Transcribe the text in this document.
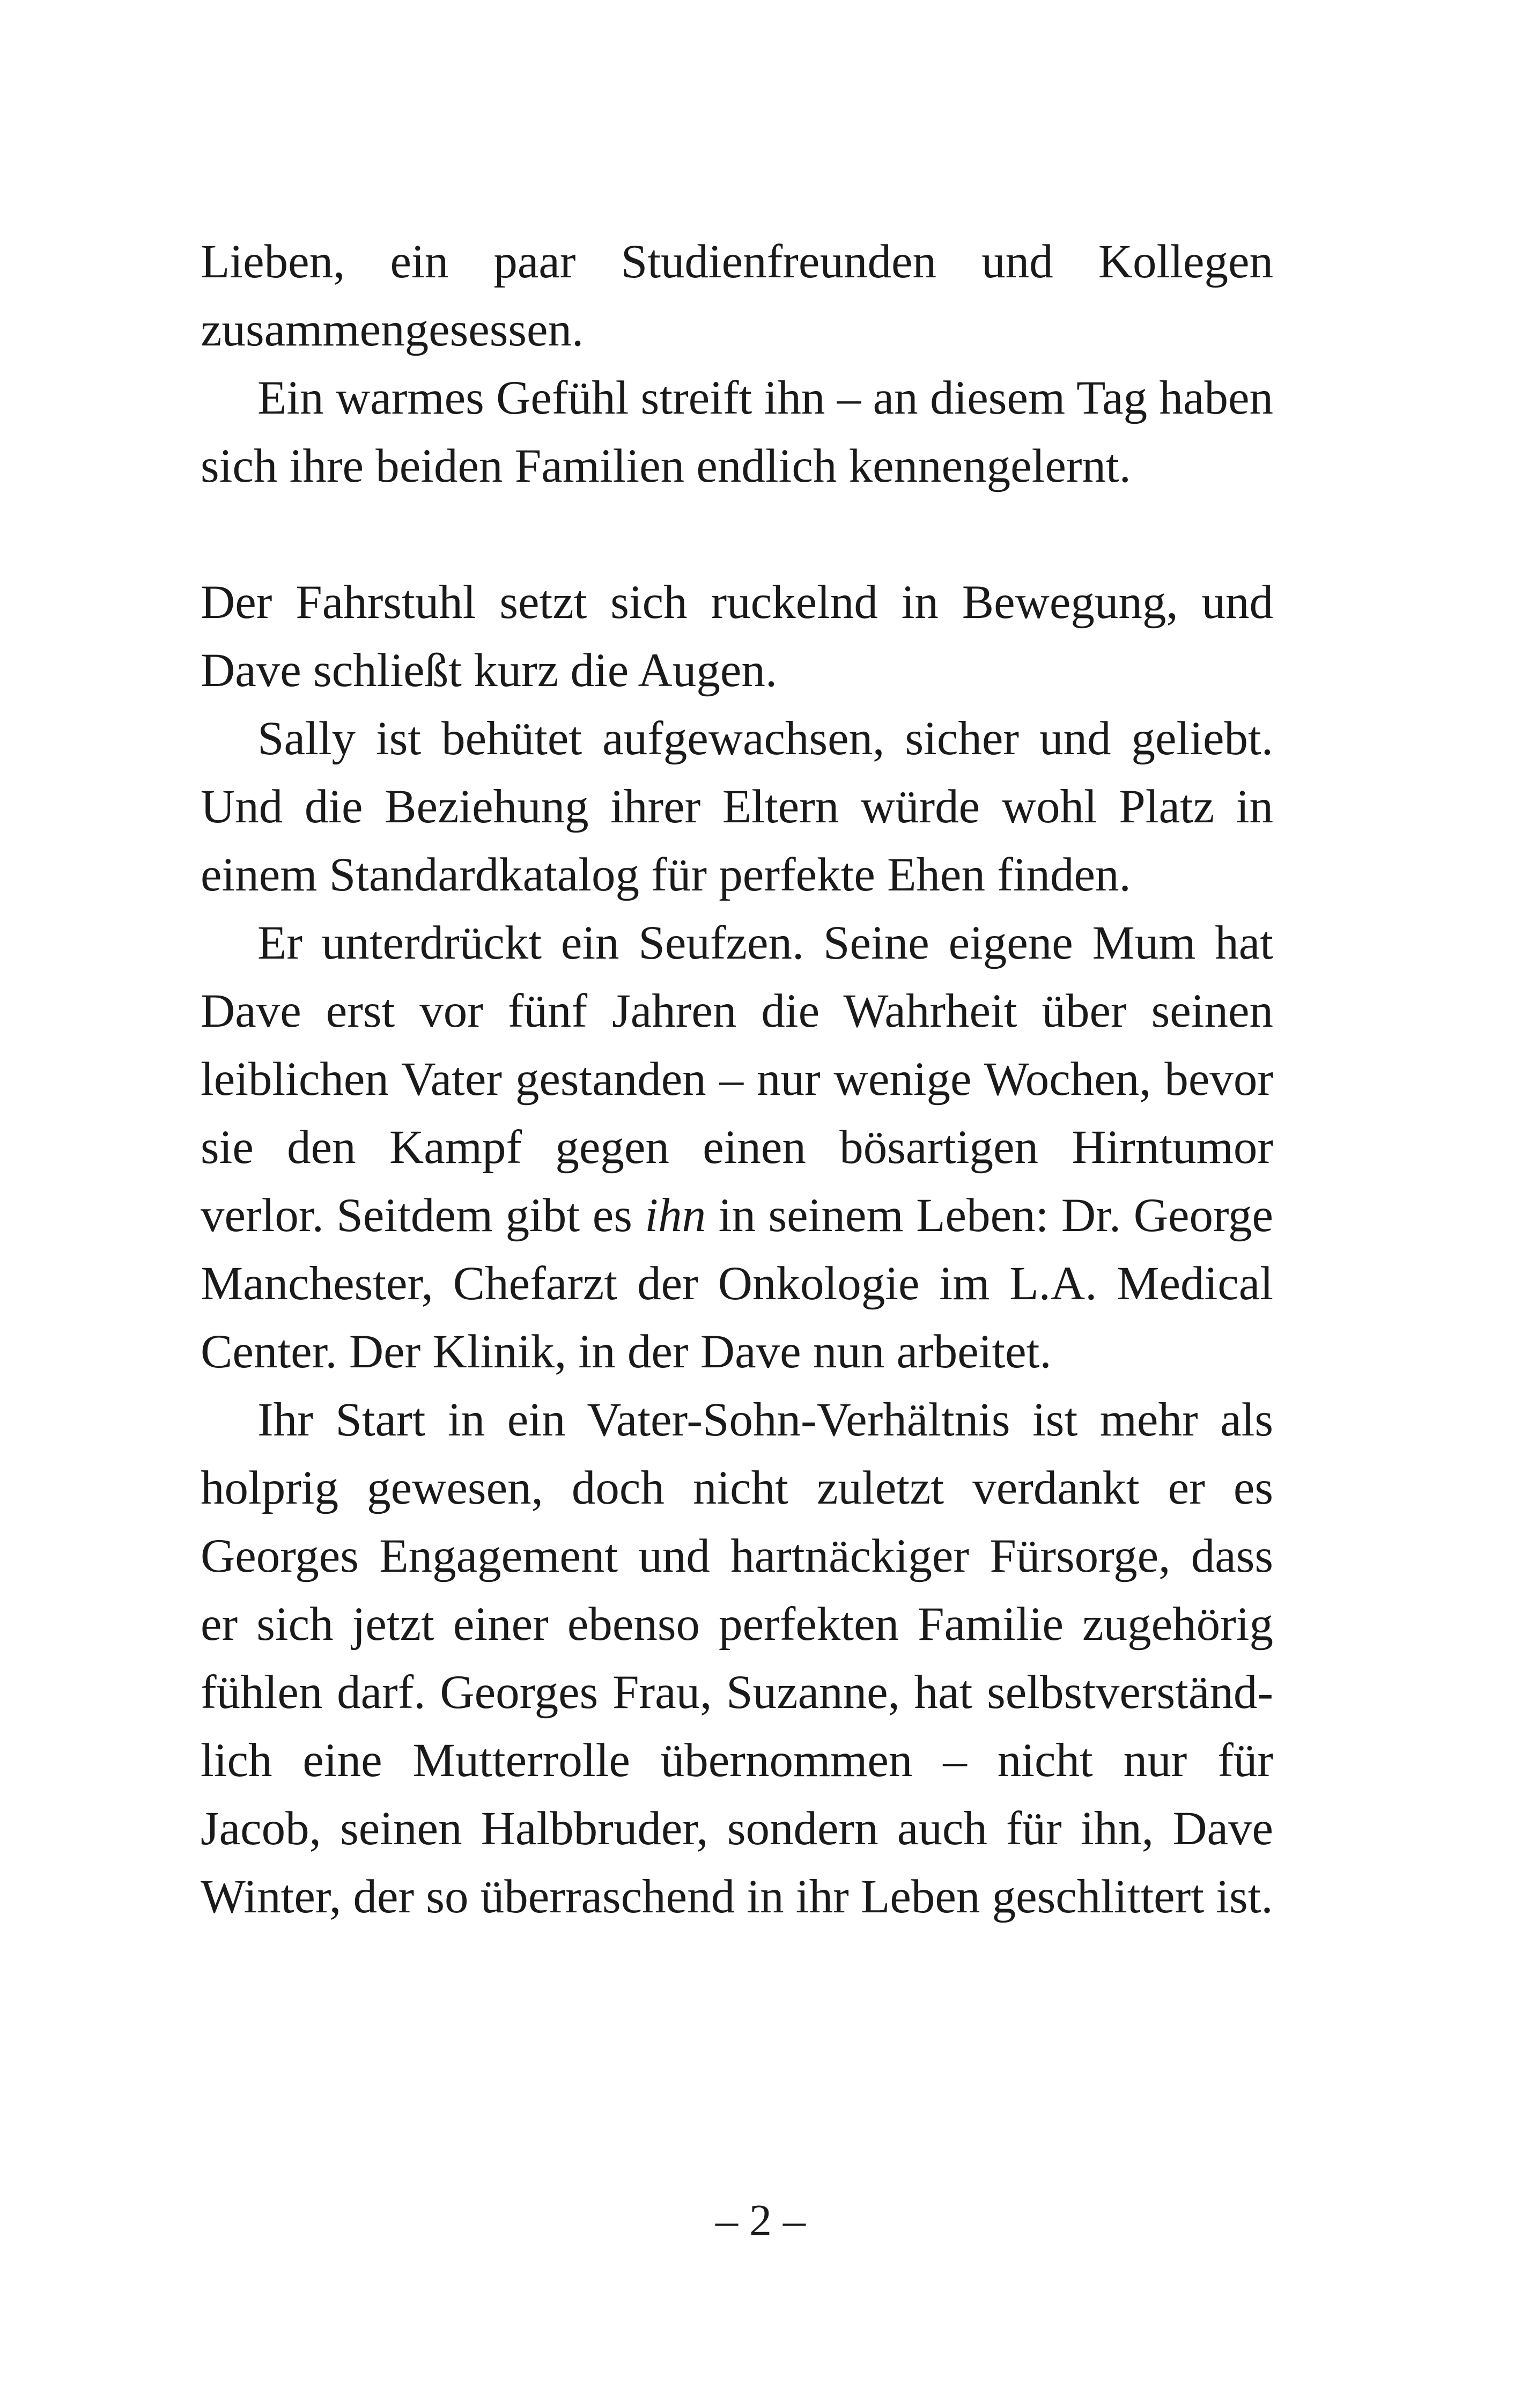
Lieben, ein paar Studienfreunden und Kollegen zusammengesessen.

Ein warmes Gefühl streift ihn – an diesem Tag haben sich ihre beiden Familien endlich kennengelernt.

Der Fahrstuhl setzt sich ruckelnd in Bewegung, und Dave schließt kurz die Augen.

Sally ist behütet aufgewachsen, sicher und geliebt. Und die Beziehung ihrer Eltern würde wohl Platz in einem Standardkatalog für perfekte Ehen finden.

Er unterdrückt ein Seufzen. Seine eigene Mum hat Dave erst vor fünf Jahren die Wahrheit über seinen leiblichen Vater gestanden – nur wenige Wochen, bevor sie den Kampf gegen einen bösartigen Hirntumor verlor. Seitdem gibt es ihn in seinem Leben: Dr. George Manchester, Chefarzt der Onkologie im L.A. Medical Center. Der Klinik, in der Dave nun arbeitet.

Ihr Start in ein Vater-Sohn-Verhältnis ist mehr als holprig gewesen, doch nicht zuletzt verdankt er es Georges Engagement und hartnäckiger Fürsorge, dass er sich jetzt einer ebenso perfekten Familie zugehörig fühlen darf. Georges Frau, Suzanne, hat selbstverständlich eine Mutterrolle übernommen – nicht nur für Jacob, seinen Halbbruder, sondern auch für ihn, Dave Winter, der so überraschend in ihr Leben geschlittert ist.

– 2 –
